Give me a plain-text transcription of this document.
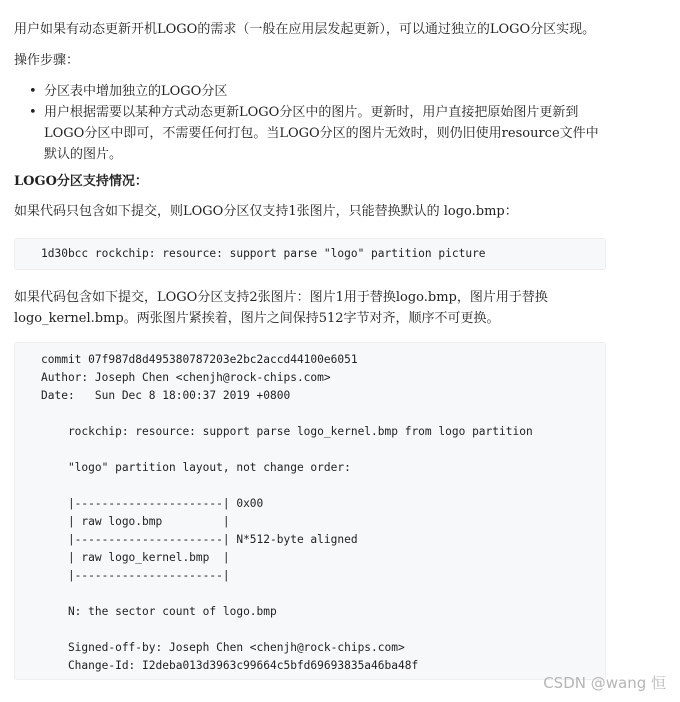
用户如果有动态更新开机LOGO的需求（一般在应用层发起更新），可以通过独立的LOGO分区实现。

操作步骤：

• 分区表中增加独立的LOGO分区
• 用户根据需要以某种方式动态更新LOGO分区中的图片。更新时，用户直接把原始图片更新到LOGO分区中即可，不需要任何打包。当LOGO分区的图片无效时，则仍旧使用resource文件中默认的图片。

LOGO分区支持情况：

如果代码只包含如下提交，则LOGO分区仅支持1张图片，只能替换默认的 logo.bmp：

1d30bcc rockchip: resource: support parse "logo" partition picture

如果代码包含如下提交，LOGO分区支持2张图片：图片1用于替换logo.bmp，图片用于替换logo_kernel.bmp。两张图片紧挨着，图片之间保持512字节对齐，顺序不可更换。

commit 07f987d8d495380787203e2bc2accd44100e6051
Author: Joseph Chen <chenjh@rock-chips.com>
Date:   Sun Dec 8 18:00:37 2019 +0800
rockchip: resource: support parse logo_kernel.bmp from logo partition
"logo" partition layout, not change order:
|----------------------| 0x00
| raw logo.bmp         |
|----------------------| N*512-byte aligned
| raw logo_kernel.bmp  |
|----------------------|
N: the sector count of logo.bmp
Signed-off-by: Joseph Chen <chenjh@rock-chips.com>
Change-Id: I2deba013d3963c99664c5bfd69693835a46ba48f
CSDN @wang 恒
